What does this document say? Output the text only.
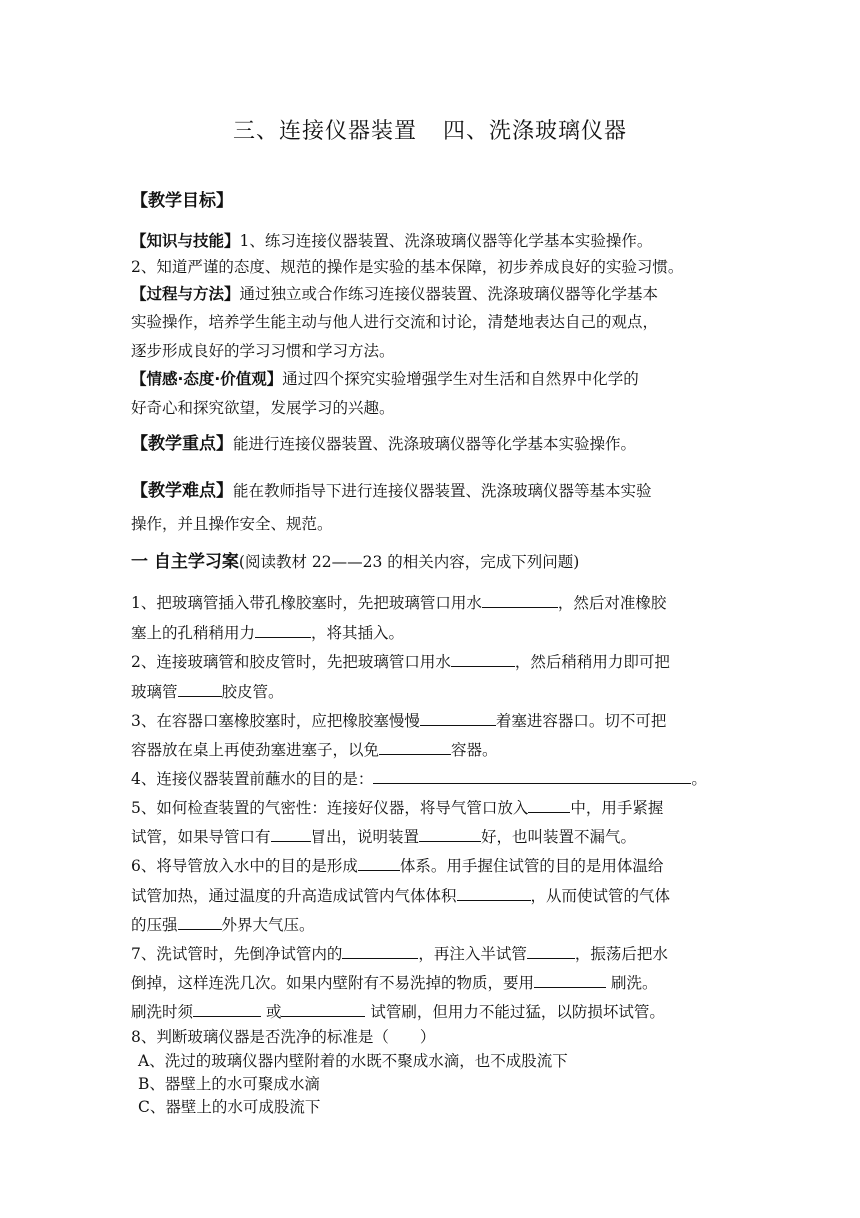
三、连接仪器装置 四、洗涤玻璃仪器
【教学目标】
【知识与技能】1、练习连接仪器装置、洗涤玻璃仪器等化学基本实验操作。
2、知道严谨的态度、规范的操作是实验的基本保障，初步养成良好的实验习惯。
【过程与方法】通过独立或合作练习连接仪器装置、洗涤玻璃仪器等化学基本
实验操作，培养学生能主动与他人进行交流和讨论，清楚地表达自己的观点，
逐步形成良好的学习习惯和学习方法。
【情感·态度·价值观】通过四个探究实验增强学生对生活和自然界中化学的
好奇心和探究欲望，发展学习的兴趣。
【教学重点】能进行连接仪器装置、洗涤玻璃仪器等化学基本实验操作。
【教学难点】能在教师指导下进行连接仪器装置、洗涤玻璃仪器等基本实验
操作，并且操作安全、规范。
一 自主学习案(阅读教材 22——23 的相关内容，完成下列问题)
1、把玻璃管插入带孔橡胶塞时，先把玻璃管口用水	，然后对准橡胶
塞上的孔稍稍用力	，将其插入。
2、连接玻璃管和胶皮管时，先把玻璃管口用水	，然后稍稍用力即可把
玻璃管	胶皮管。
3、在容器口塞橡胶塞时，应把橡胶塞慢慢	着塞进容器口。切不可把
容器放在桌上再使劲塞进塞子，以免	容器。
4、连接仪器装置前蘸水的目的是：	。
5、如何检查装置的气密性：连接好仪器，将导气管口放入	中，用手紧握
试管，如果导管口有	冒出，说明装置	好，也叫装置不漏气。
6、将导管放入水中的目的是形成	体系。用手握住试管的目的是用体温给
试管加热，通过温度的升高造成试管内气体体积	，从而使试管的气体
的压强	外界大气压。
7、洗试管时，先倒净试管内的	，再注入半试管	，振荡后把水
倒掉，这样连洗几次。如果内壁附有不易洗掉的物质，要用	刷洗。
刷洗时须	或	试管刷，但用力不能过猛，以防损坏试管。
8、判断玻璃仪器是否洗净的标准是（　　）
A、洗过的玻璃仪器内壁附着的水既不聚成水滴，也不成股流下
B、器壁上的水可聚成水滴
C、器壁上的水可成股流下
